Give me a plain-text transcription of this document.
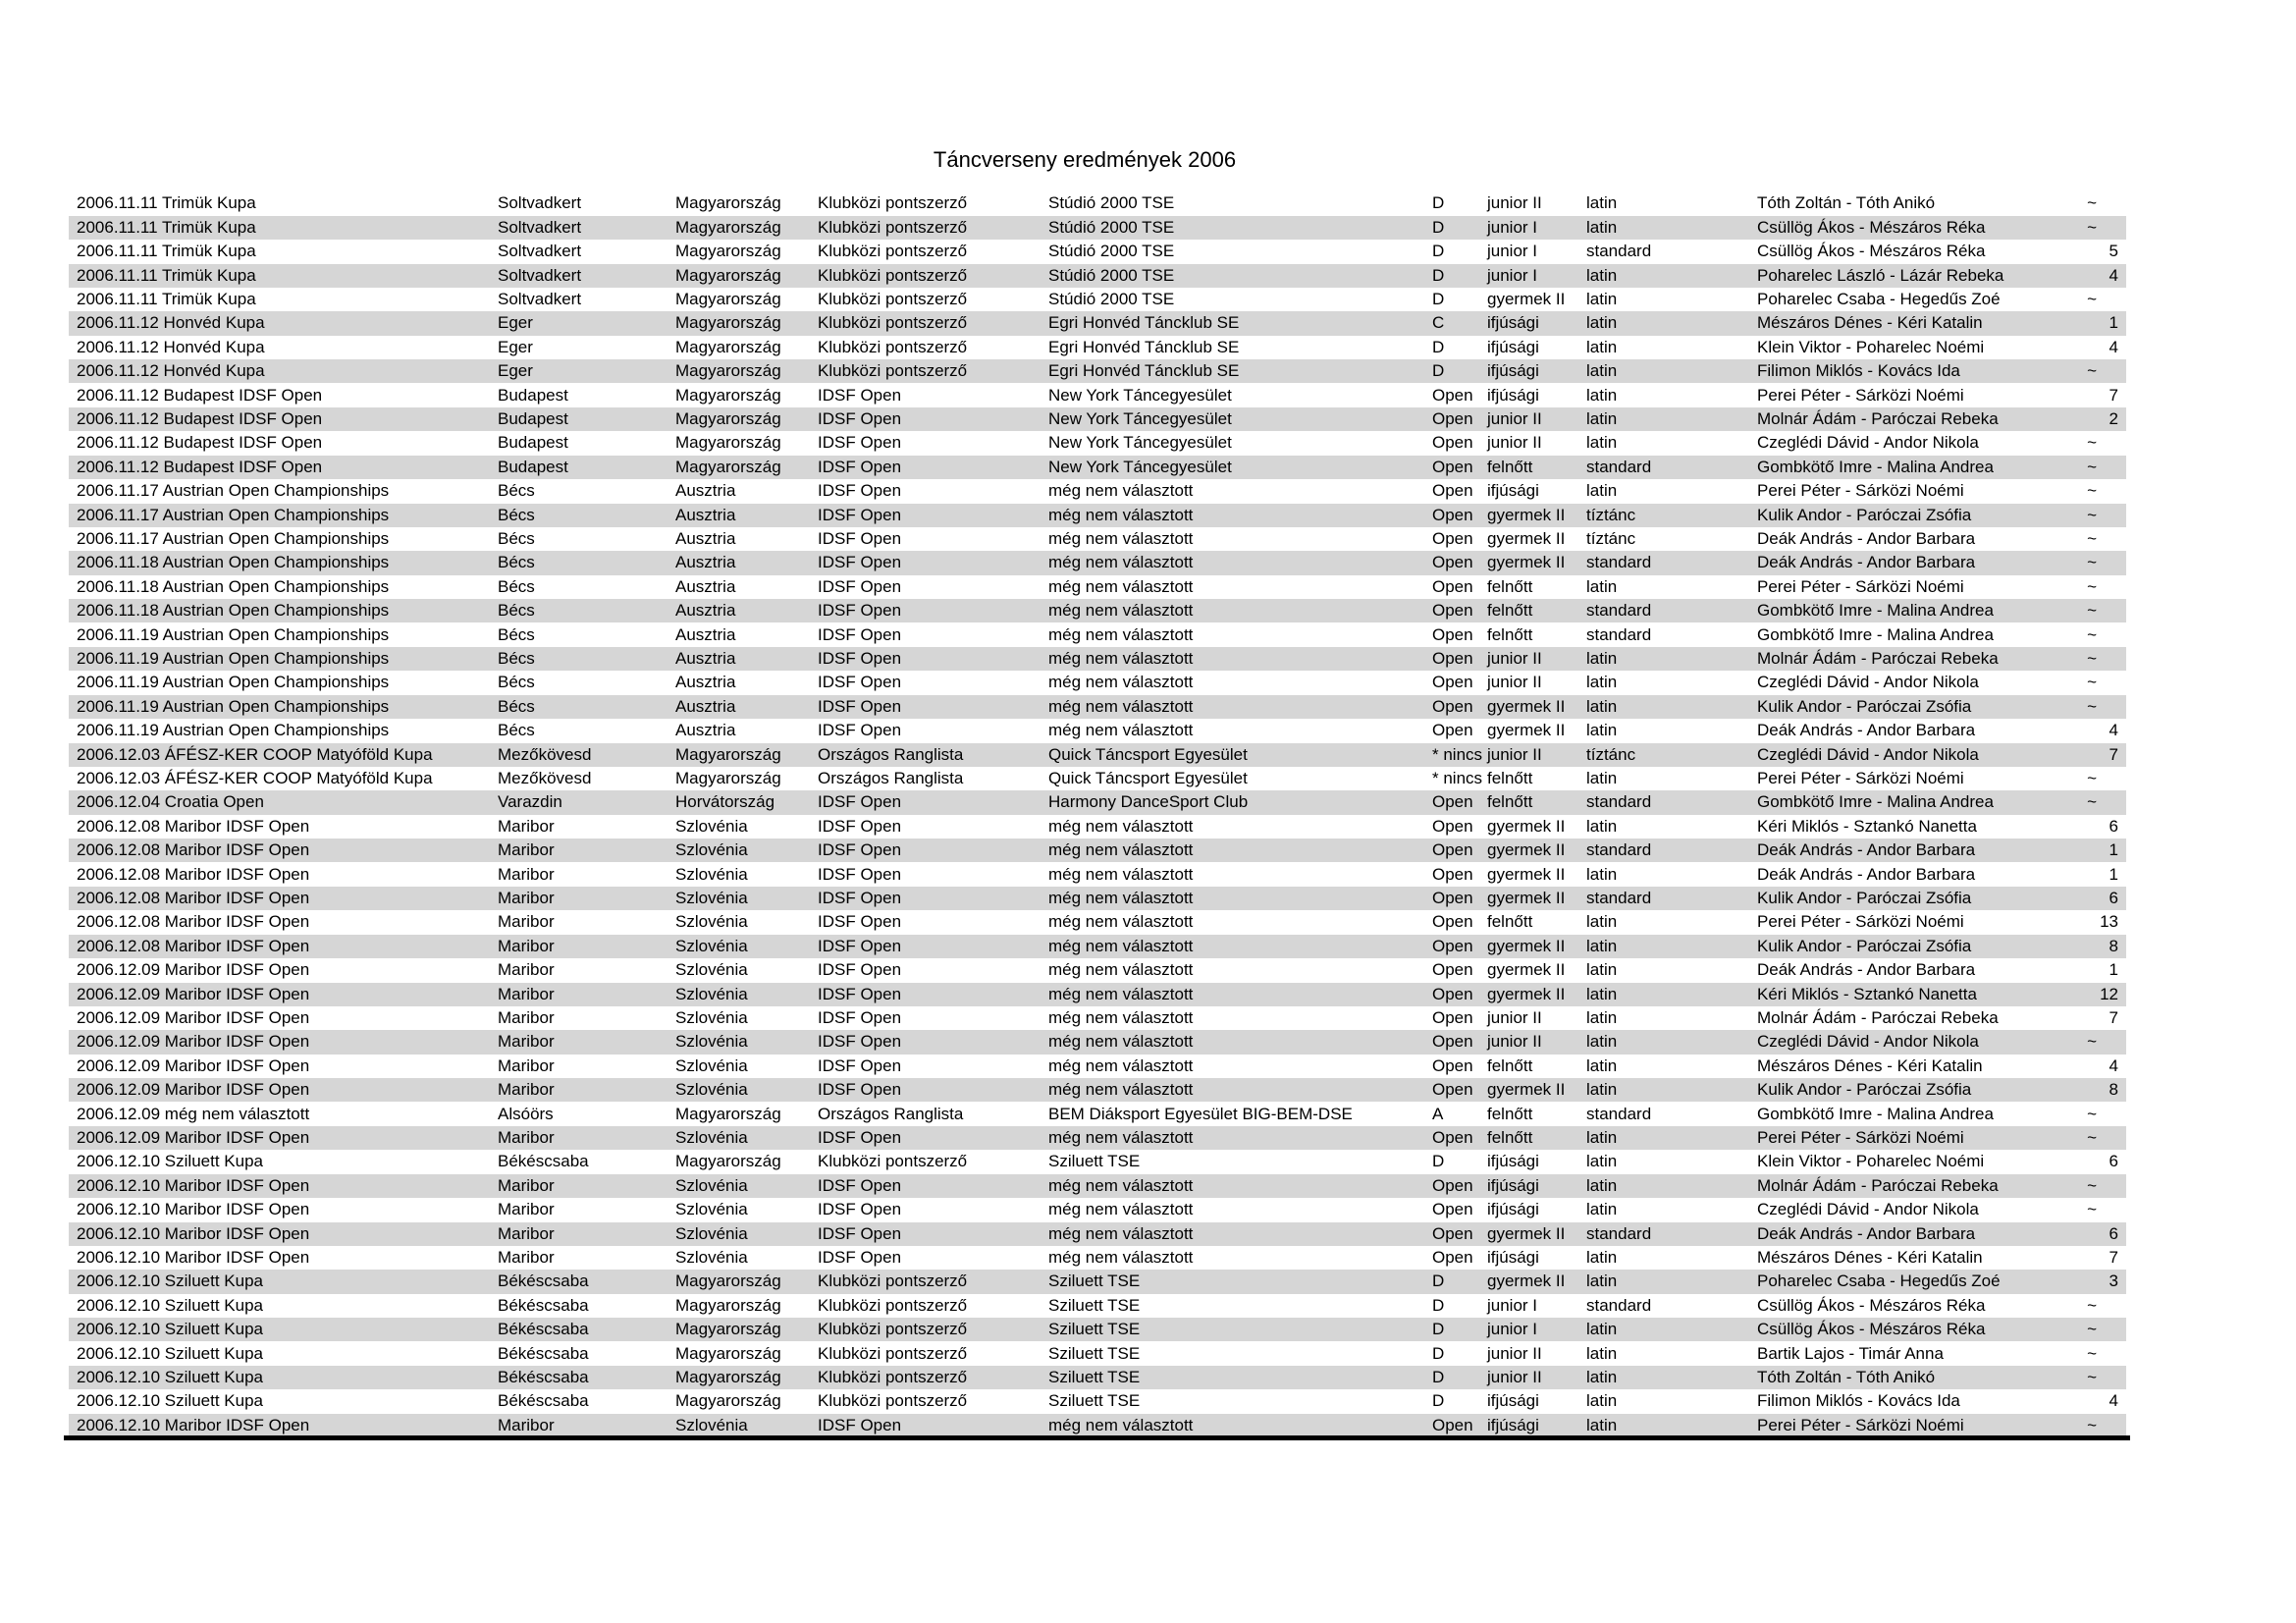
Táncverseny eredmények 2006
2006.11.11 Trimük Kupa	Soltvadkert	Magyarország	Klubközi pontszerző	Stúdió 2000 TSE	D	junior II	latin	Tóth Zoltán - Tóth Anikó	~
2006.11.11 Trimük Kupa	Soltvadkert	Magyarország	Klubközi pontszerző	Stúdió 2000 TSE	D	junior I	latin	Csüllög Ákos - Mészáros Réka	~
2006.11.11 Trimük Kupa	Soltvadkert	Magyarország	Klubközi pontszerző	Stúdió 2000 TSE	D	junior I	standard	Csüllög Ákos - Mészáros Réka	5
2006.11.11 Trimük Kupa	Soltvadkert	Magyarország	Klubközi pontszerző	Stúdió 2000 TSE	D	junior I	latin	Poharelec László - Lázár Rebeka	4
2006.11.11 Trimük Kupa	Soltvadkert	Magyarország	Klubközi pontszerző	Stúdió 2000 TSE	D	gyermek II	latin	Poharelec Csaba - Hegedűs Zoé	~
2006.11.12 Honvéd Kupa	Eger	Magyarország	Klubközi pontszerző	Egri Honvéd Táncklub SE	C	ifjúsági	latin	Mészáros Dénes - Kéri Katalin	1
2006.11.12 Honvéd Kupa	Eger	Magyarország	Klubközi pontszerző	Egri Honvéd Táncklub SE	D	ifjúsági	latin	Klein Viktor - Poharelec Noémi	4
2006.11.12 Honvéd Kupa	Eger	Magyarország	Klubközi pontszerző	Egri Honvéd Táncklub SE	D	ifjúsági	latin	Filimon Miklós - Kovács Ida	~
2006.11.12 Budapest IDSF Open	Budapest	Magyarország	IDSF Open	New York Táncegyesület	Open ifjúsági	latin	Perei Péter - Sárközi Noémi	7
2006.11.12 Budapest IDSF Open	Budapest	Magyarország	IDSF Open	New York Táncegyesület	Open junior II	latin	Molnár Ádám - Paróczai Rebeka	2
2006.11.12 Budapest IDSF Open	Budapest	Magyarország	IDSF Open	New York Táncegyesület	Open junior II	latin	Czeglédi Dávid - Andor Nikola	~
2006.11.12 Budapest IDSF Open	Budapest	Magyarország	IDSF Open	New York Táncegyesület	Open felnőtt	standard	Gombkötő Imre - Malina Andrea	~
2006.11.17 Austrian Open Championships	Bécs	Ausztria	IDSF Open	még nem választott	Open ifjúsági	latin	Perei Péter - Sárközi Noémi	~
2006.11.17 Austrian Open Championships	Bécs	Ausztria	IDSF Open	még nem választott	Open gyermek II	tíztánc	Kulik Andor - Paróczai Zsófia	~
2006.11.17 Austrian Open Championships	Bécs	Ausztria	IDSF Open	még nem választott	Open gyermek II	tíztánc	Deák András - Andor Barbara	~
2006.11.18 Austrian Open Championships	Bécs	Ausztria	IDSF Open	még nem választott	Open gyermek II	standard	Deák András - Andor Barbara	~
2006.11.18 Austrian Open Championships	Bécs	Ausztria	IDSF Open	még nem választott	Open felnőtt	latin	Perei Péter - Sárközi Noémi	~
2006.11.18 Austrian Open Championships	Bécs	Ausztria	IDSF Open	még nem választott	Open felnőtt	standard	Gombkötő Imre - Malina Andrea	~
2006.11.19 Austrian Open Championships	Bécs	Ausztria	IDSF Open	még nem választott	Open felnőtt	standard	Gombkötő Imre - Malina Andrea	~
2006.11.19 Austrian Open Championships	Bécs	Ausztria	IDSF Open	még nem választott	Open junior II	latin	Molnár Ádám - Paróczai Rebeka	~
2006.11.19 Austrian Open Championships	Bécs	Ausztria	IDSF Open	még nem választott	Open junior II	latin	Czeglédi Dávid - Andor Nikola	~
2006.11.19 Austrian Open Championships	Bécs	Ausztria	IDSF Open	még nem választott	Open gyermek II	latin	Kulik Andor - Paróczai Zsófia	~
2006.11.19 Austrian Open Championships	Bécs	Ausztria	IDSF Open	még nem választott	Open gyermek II	latin	Deák András - Andor Barbara	4
2006.12.03 ÁFÉSZ-KER COOP Matyóföld Kupa	Mezőkövesd	Magyarország	Országos Ranglista	Quick Táncsport Egyesület	* nincs junior II	tíztánc	Czeglédi Dávid - Andor Nikola	7
2006.12.03 ÁFÉSZ-KER COOP Matyóföld Kupa	Mezőkövesd	Magyarország	Országos Ranglista	Quick Táncsport Egyesület	* nincs felnőtt	latin	Perei Péter - Sárközi Noémi	~
2006.12.04 Croatia Open	Varazdin	Horvátország	IDSF Open	Harmony DanceSport Club	Open felnőtt	standard	Gombkötő Imre - Malina Andrea	~
2006.12.08 Maribor IDSF Open	Maribor	Szlovénia	IDSF Open	még nem választott	Open gyermek II	latin	Kéri Miklós - Sztankó Nanetta	6
2006.12.08 Maribor IDSF Open	Maribor	Szlovénia	IDSF Open	még nem választott	Open gyermek II	standard	Deák András - Andor Barbara	1
2006.12.08 Maribor IDSF Open	Maribor	Szlovénia	IDSF Open	még nem választott	Open gyermek II	latin	Deák András - Andor Barbara	1
2006.12.08 Maribor IDSF Open	Maribor	Szlovénia	IDSF Open	még nem választott	Open gyermek II	standard	Kulik Andor - Paróczai Zsófia	6
2006.12.08 Maribor IDSF Open	Maribor	Szlovénia	IDSF Open	még nem választott	Open felnőtt	latin	Perei Péter - Sárközi Noémi	13
2006.12.08 Maribor IDSF Open	Maribor	Szlovénia	IDSF Open	még nem választott	Open gyermek II	latin	Kulik Andor - Paróczai Zsófia	8
2006.12.09 Maribor IDSF Open	Maribor	Szlovénia	IDSF Open	még nem választott	Open gyermek II	latin	Deák András - Andor Barbara	1
2006.12.09 Maribor IDSF Open	Maribor	Szlovénia	IDSF Open	még nem választott	Open gyermek II	latin	Kéri Miklós - Sztankó Nanetta	12
2006.12.09 Maribor IDSF Open	Maribor	Szlovénia	IDSF Open	még nem választott	Open junior II	latin	Molnár Ádám - Paróczai Rebeka	7
2006.12.09 Maribor IDSF Open	Maribor	Szlovénia	IDSF Open	még nem választott	Open junior II	latin	Czeglédi Dávid - Andor Nikola	~
2006.12.09 Maribor IDSF Open	Maribor	Szlovénia	IDSF Open	még nem választott	Open felnőtt	latin	Mészáros Dénes - Kéri Katalin	4
2006.12.09 Maribor IDSF Open	Maribor	Szlovénia	IDSF Open	még nem választott	Open gyermek II	latin	Kulik Andor - Paróczai Zsófia	8
2006.12.09 még nem választott	Alsóörs	Magyarország	Országos Ranglista	BEM Diáksport Egyesület BIG-BEM-DSE	A	felnőtt	standard	Gombkötő Imre - Malina Andrea	~
2006.12.09 Maribor IDSF Open	Maribor	Szlovénia	IDSF Open	még nem választott	Open felnőtt	latin	Perei Péter - Sárközi Noémi	~
2006.12.10 Sziluett Kupa	Békéscsaba	Magyarország	Klubközi pontszerző	Sziluett TSE	D	ifjúsági	latin	Klein Viktor - Poharelec Noémi	6
2006.12.10 Maribor IDSF Open	Maribor	Szlovénia	IDSF Open	még nem választott	Open ifjúsági	latin	Molnár Ádám - Paróczai Rebeka	~
2006.12.10 Maribor IDSF Open	Maribor	Szlovénia	IDSF Open	még nem választott	Open ifjúsági	latin	Czeglédi Dávid - Andor Nikola	~
2006.12.10 Maribor IDSF Open	Maribor	Szlovénia	IDSF Open	még nem választott	Open gyermek II	standard	Deák András - Andor Barbara	6
2006.12.10 Maribor IDSF Open	Maribor	Szlovénia	IDSF Open	még nem választott	Open ifjúsági	latin	Mészáros Dénes - Kéri Katalin	7
2006.12.10 Sziluett Kupa	Békéscsaba	Magyarország	Klubközi pontszerző	Sziluett TSE	D	gyermek II	latin	Poharelec Csaba - Hegedűs Zoé	3
2006.12.10 Sziluett Kupa	Békéscsaba	Magyarország	Klubközi pontszerző	Sziluett TSE	D	junior I	standard	Csüllög Ákos - Mészáros Réka	~
2006.12.10 Sziluett Kupa	Békéscsaba	Magyarország	Klubközi pontszerző	Sziluett TSE	D	junior I	latin	Csüllög Ákos - Mészáros Réka	~
2006.12.10 Sziluett Kupa	Békéscsaba	Magyarország	Klubközi pontszerző	Sziluett TSE	D	junior II	latin	Bartik Lajos - Timár Anna	~
2006.12.10 Sziluett Kupa	Békéscsaba	Magyarország	Klubközi pontszerző	Sziluett TSE	D	junior II	latin	Tóth Zoltán - Tóth Anikó	~
2006.12.10 Sziluett Kupa	Békéscsaba	Magyarország	Klubközi pontszerző	Sziluett TSE	D	ifjúsági	latin	Filimon Miklós - Kovács Ida	4
2006.12.10 Maribor IDSF Open	Maribor	Szlovénia	IDSF Open	még nem választott	Open ifjúsági	latin	Perei Péter - Sárközi Noémi	~
